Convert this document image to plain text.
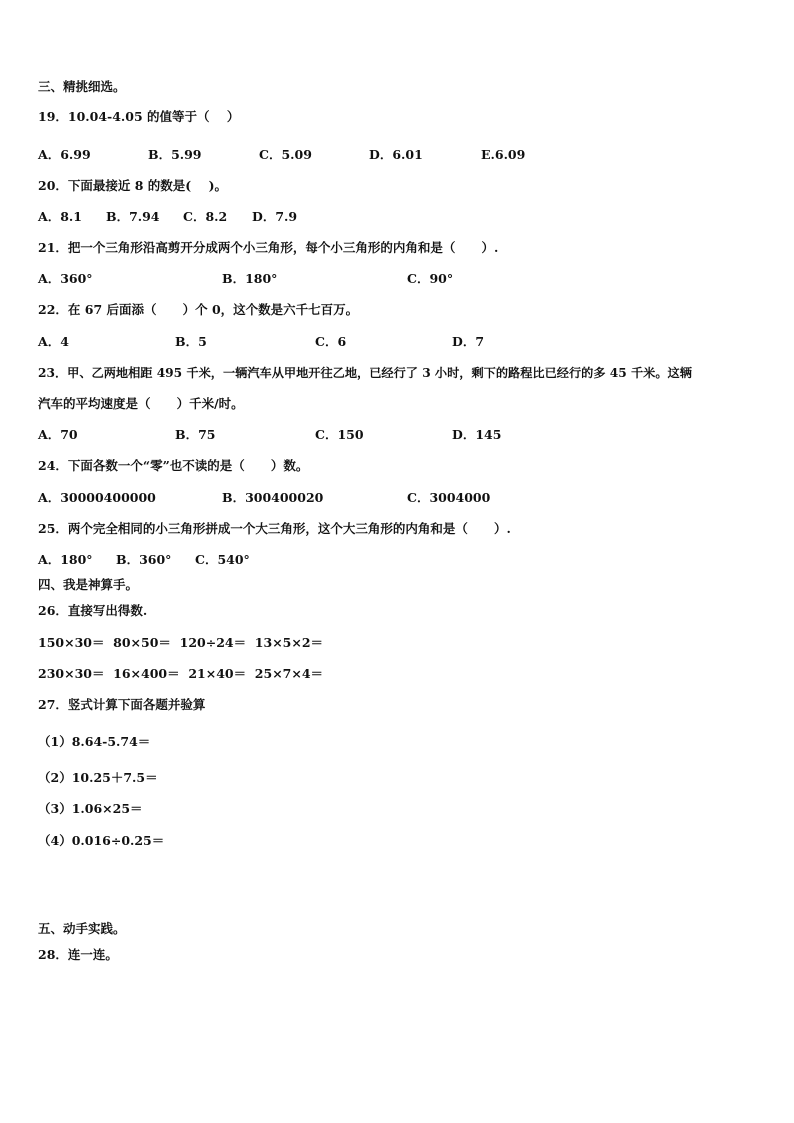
三、精挑细选。
19．10.04-4.05 的值等于（    ）
A．6.99	B．5.99	C．5.09	D．6.01	E.6.09
20．下面最接近 8 的数是(    )。
A．8.1 B．7.94 C．8.2 D．7.9
21．把一个三角形沿高剪开分成两个小三角形，每个小三角形的内角和是（      ）.
A．360°	B．180°	C．90°
22．在 67 后面添（      ）个 0，这个数是六千七百万。
A．4	B．5	C．6	D．7
23．甲、乙两地相距 495 千米，一辆汽车从甲地开往乙地，已经行了 3 小时，剩下的路程比已经行的多 45 千米。这辆
汽车的平均速度是（      ）千米/时。
A．70	B．75	C．150	D．145
24．下面各数一个“零”也不读的是（      ）数。
A．30000400000	B．300400020	C．3004000
25．两个完全相同的小三角形拼成一个大三角形，这个大三角形的内角和是（      ）.
A．180° B．360° C．540°
四、我是神算手。
26．直接写出得数.
150×30＝  80×50＝  120÷24＝  13×5×2＝
230×30＝  16×400＝  21×40＝  25×7×4＝
27．竖式计算下面各题并验算
（1）8.64-5.74＝
（2）10.25＋7.5＝
（3）1.06×25＝
（4）0.016÷0.25＝
五、动手实践。
28．连一连。
